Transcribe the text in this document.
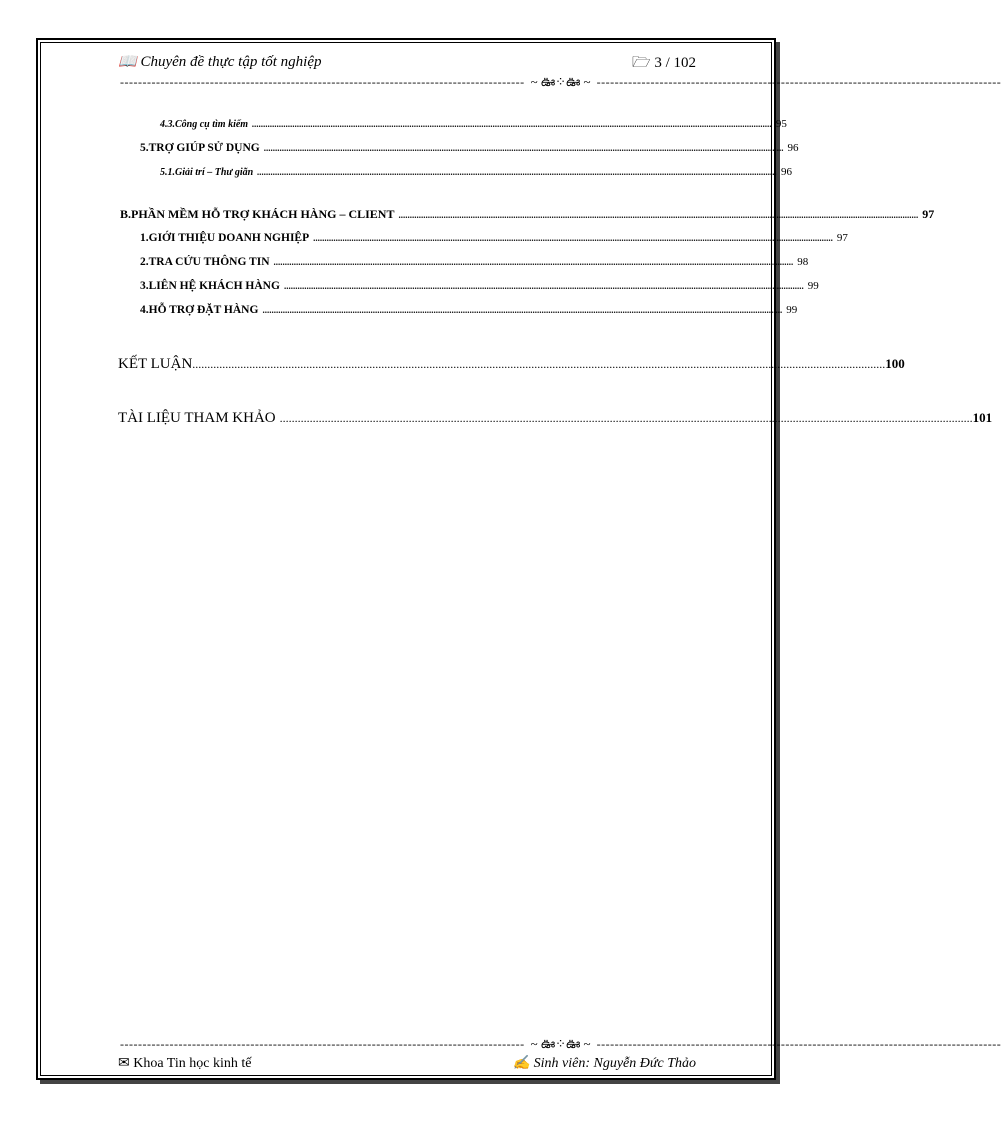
📖 Chuyên đề thực tập tốt nghiệp	🗁 3 / 102
------------------------------------------------------------------------------------------ ~ ఊ⁘ఊ ~ ------------------------------------------------------------------------------------------
4.3. Công cụ tìm kiếm ....................................................................................................................................................................................................................................... 95
5. TRỢ GIÚP SỬ DỤNG ....................................................................................................................................................................................................................................... 96
5.1. Giải trí – Thư giãn ....................................................................................................................................................................................................................................... 96
B. PHẦN MỀM HỖ TRỢ KHÁCH HÀNG – CLIENT ....................................................................................................................................................................................................................................... 97
1. GIỚI THIỆU DOANH NGHIỆP ....................................................................................................................................................................................................................................... 97
2. TRA CỨU THÔNG TIN ....................................................................................................................................................................................................................................... 98
3. LIÊN HỆ KHÁCH HÀNG ....................................................................................................................................................................................................................................... 99
4. HỖ TRỢ ĐẶT HÀNG ....................................................................................................................................................................................................................................... 99
KẾT LUẬN ....................................................................................................................................................................................................................................... 100
TÀI LIỆU THAM KHẢO ....................................................................................................................................................................................................................................... 101
------------------------------------------------------------------------------------------ ~ ఊ⁘ఊ ~ ------------------------------------------------------------------------------------------
✉ Khoa Tin học kinh tế	✍ Sinh viên: Nguyễn Đức Thảo
